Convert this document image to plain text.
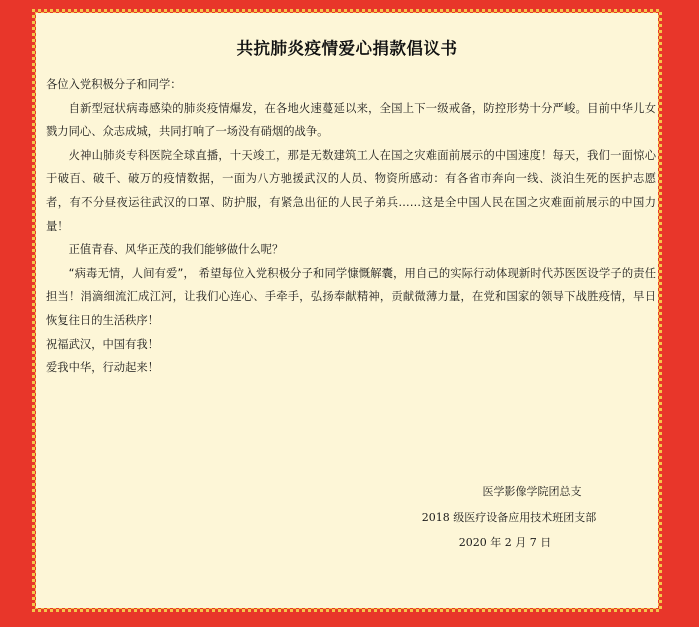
共抗肺炎疫情爱心捐款倡议书

各位入党积极分子和同学：

自新型冠状病毒感染的肺炎疫情爆发，在各地火速蔓延以来，全国上下一级戒备，防控形势十分严峻。目前中华儿女戮力同心、众志成城，共同打响了一场没有硝烟的战争。

火神山肺炎专科医院全球直播，十天竣工，那是无数建筑工人在国之灾难面前展示的中国速度！每天，我们一面惊心于破百、破千、破万的疫情数据，一面为八方驰援武汉的人员、物资所感动：有各省市奔向一线、淡泊生死的医护志愿者，有不分昼夜运往武汉的口罩、防护服，有紧急出征的人民子弟兵……这是全中国人民在国之灾难面前展示的中国力量！

正值青春、风华正茂的我们能够做什么呢？

“病毒无情，人间有爱”， 希望每位入党积极分子和同学慷慨解囊，用自己的实际行动体现新时代苏医医设学子的责任担当！涓滴细流汇成江河，让我们心连心、手牵手，弘扬奉献精神，贡献微薄力量，在党和国家的领导下战胜疫情，早日恢复往日的生活秩序！

祝福武汉，中国有我！

爱我中华，行动起来！

医学影像学院团总支
2018 级医疗设备应用技术班团支部
2020 年 2 月 7 日
